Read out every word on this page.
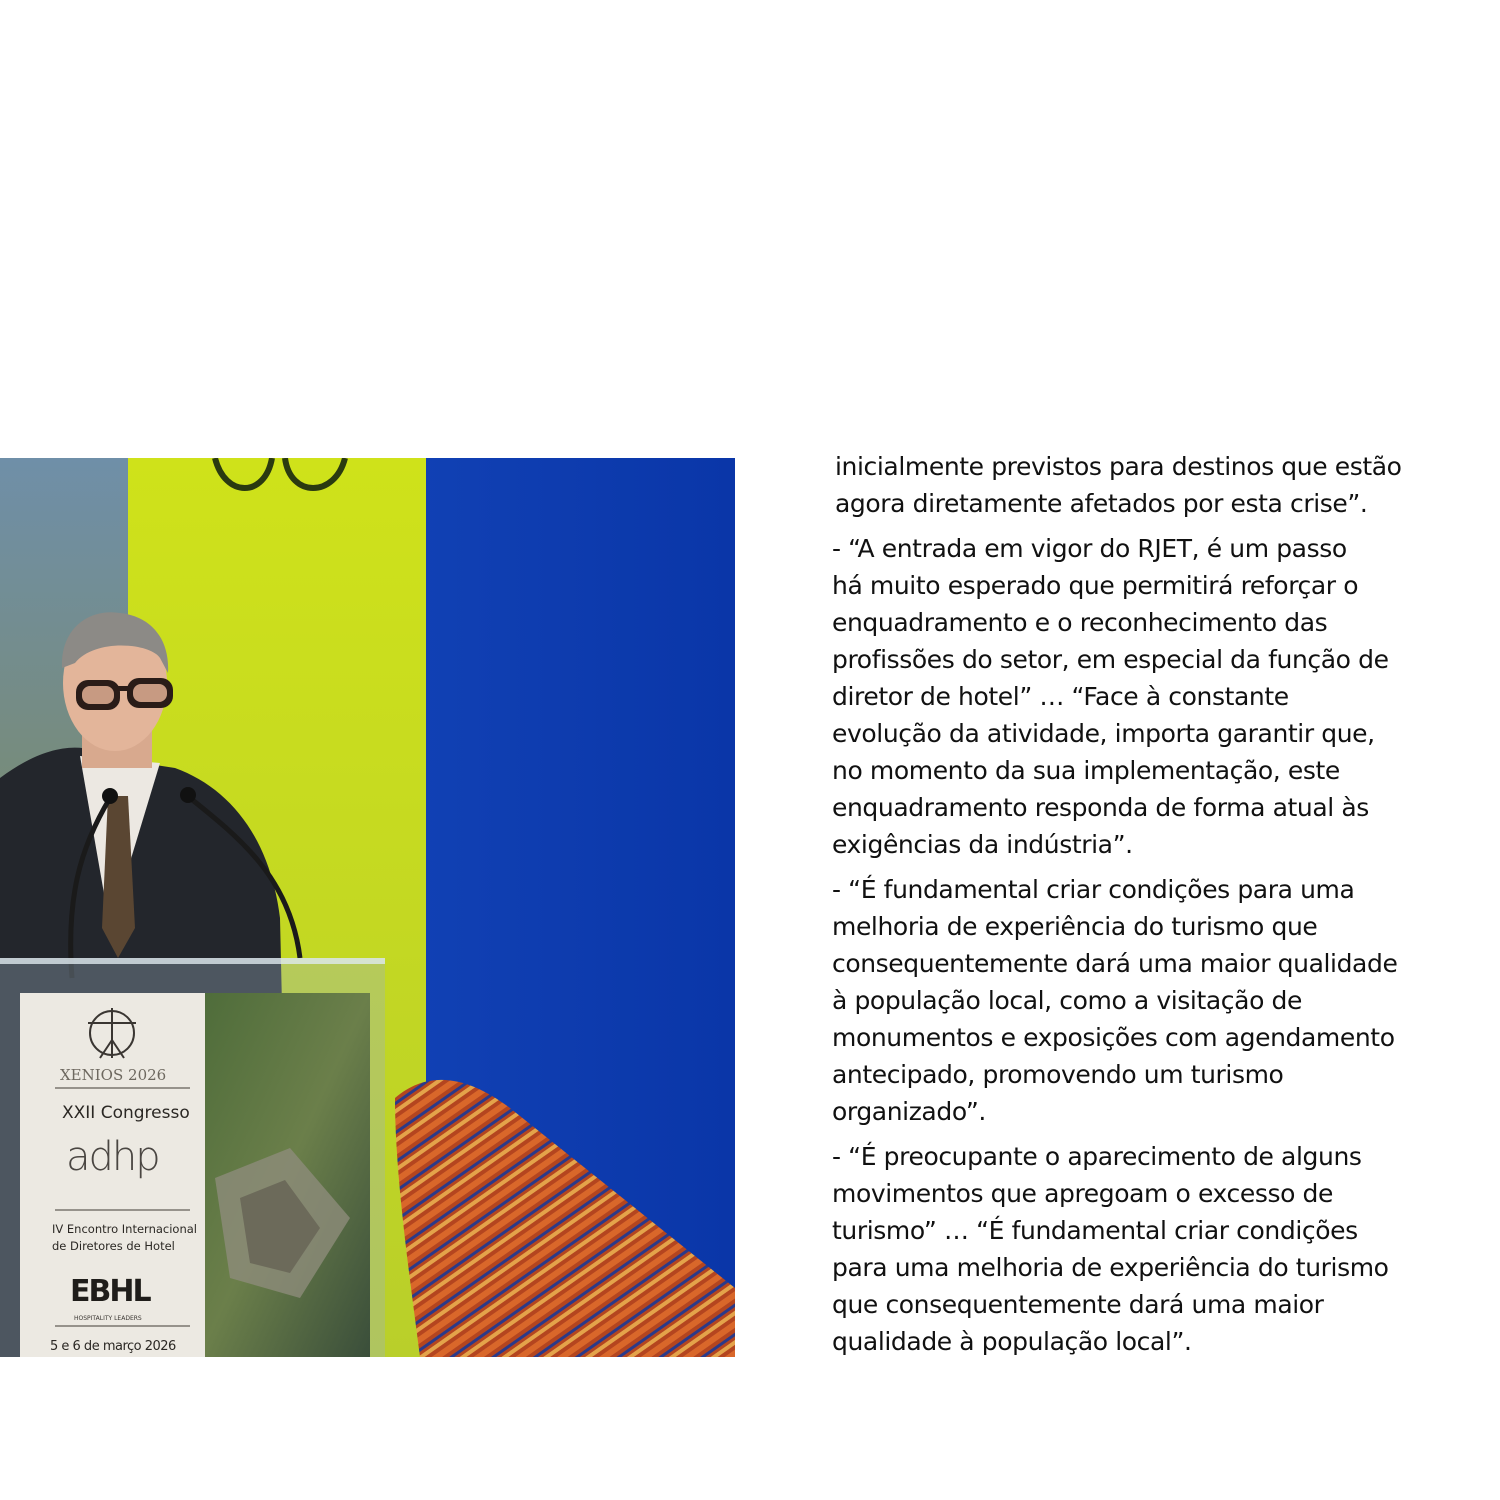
XENIOS 2026
XXII Congresso
adhp
IV Encontro Internacional
de Diretores de Hotel
EBHL
HOSPITALITY LEADERS
5 e 6 de março 2026

inicialmente previstos para destinos que estão
agora diretamente afetados por esta crise”.

- “A entrada em vigor do RJET, é um passo
há muito esperado que permitirá reforçar o
enquadramento e o reconhecimento das
profissões do setor, em especial da função de
diretor de hotel” … “Face à constante
evolução da atividade, importa garantir que,
no momento da sua implementação, este
enquadramento responda de forma atual às
exigências da indústria”.

- “É fundamental criar condições para uma
melhoria de experiência do turismo que
consequentemente dará uma maior qualidade
à população local, como a visitação de
monumentos e exposições com agendamento
antecipado, promovendo um turismo
organizado”.

- “É preocupante o aparecimento de alguns
movimentos que apregoam o excesso de
turismo” … “É fundamental criar condições
para uma melhoria de experiência do turismo
que consequentemente dará uma maior
qualidade à população local”.
